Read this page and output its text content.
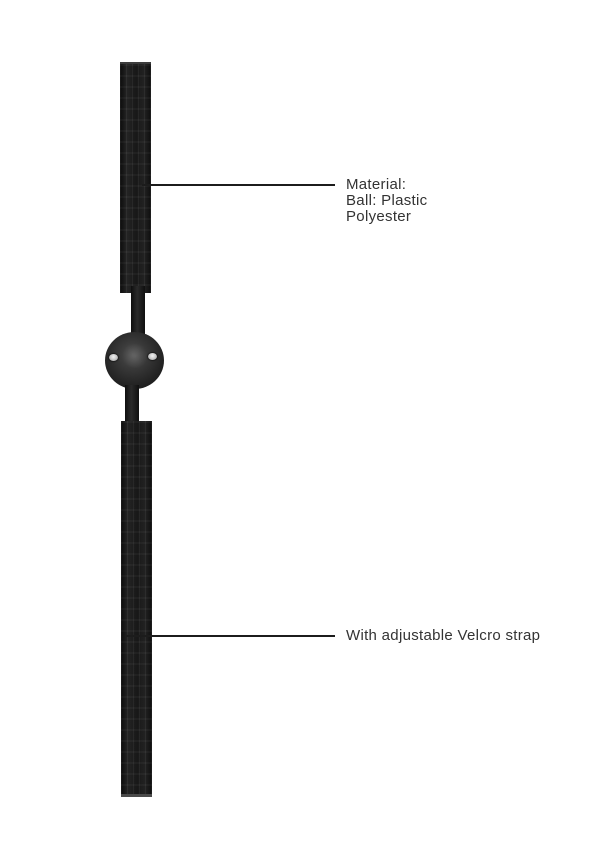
Material:
Ball: Plastic
Polyester
With adjustable Velcro strap
